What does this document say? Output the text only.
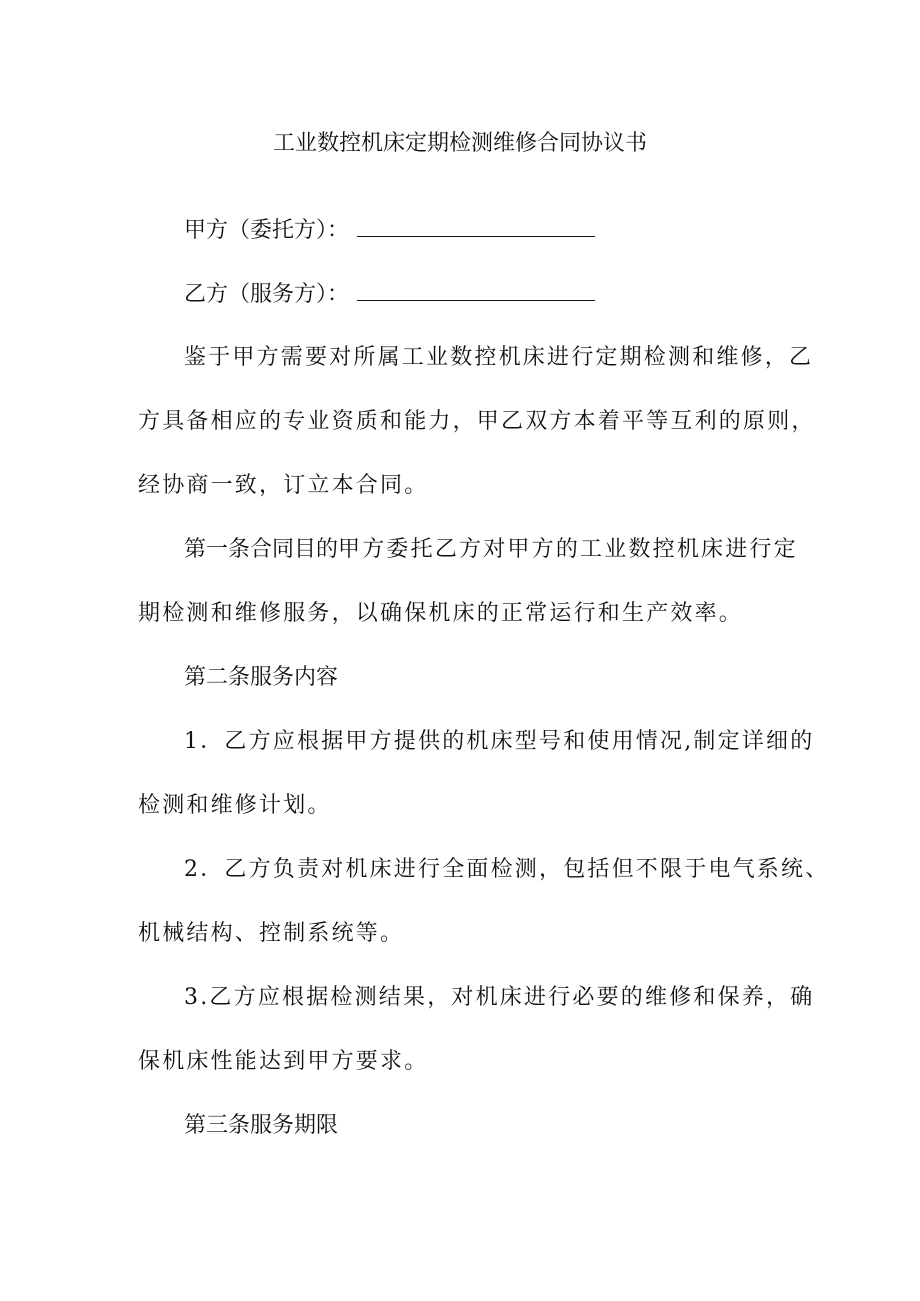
工业数控机床定期检测维修合同协议书
甲方（委托方）：
乙方（服务方）：
鉴于甲方需要对所属工业数控机床进行定期检测和维修，乙
方具备相应的专业资质和能力，甲乙双方本着平等互利的原则，
经协商一致，订立本合同。
第一条合同目的甲方委托乙方对甲方的工业数控机床进行定
期检测和维修服务，以确保机床的正常运行和生产效率。
第二条服务内容
1．乙方应根据甲方提供的机床型号和使用情况,制定详细的
检测和维修计划。
2．乙方负责对机床进行全面检测，包括但不限于电气系统、
机械结构、控制系统等。
3.乙方应根据检测结果，对机床进行必要的维修和保养，确
保机床性能达到甲方要求。
第三条服务期限
